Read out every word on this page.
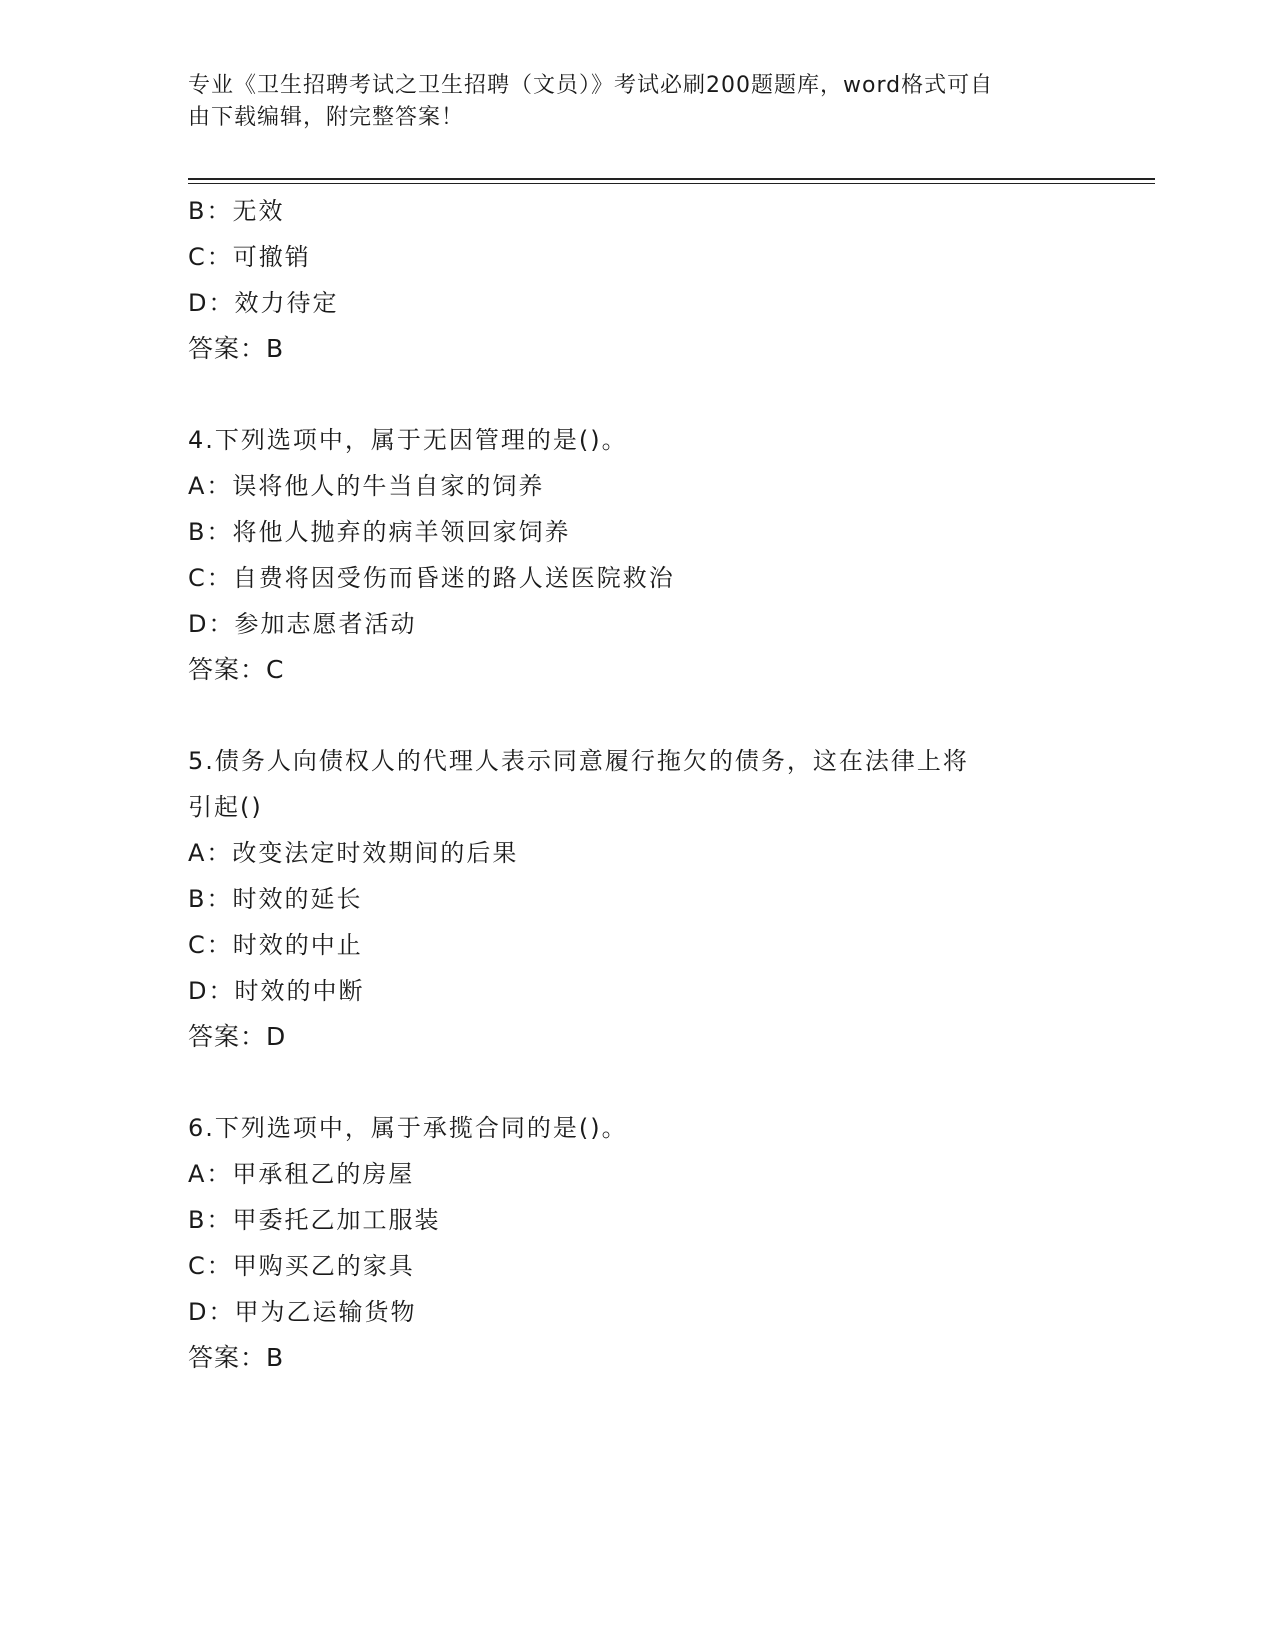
专业《卫生招聘考试之卫生招聘（文员）》考试必刷200题题库，word格式可自

由下载编辑，附完整答案！

B：无效

C：可撤销

D：效力待定

答案：B

4.下列选项中，属于无因管理的是()。

A：误将他人的牛当自家的饲养

B：将他人抛弃的病羊领回家饲养

C：自费将因受伤而昏迷的路人送医院救治

D：参加志愿者活动

答案：C

5.债务人向债权人的代理人表示同意履行拖欠的债务，这在法律上将

引起()

A：改变法定时效期间的后果

B：时效的延长

C：时效的中止

D：时效的中断

答案：D

6.下列选项中，属于承揽合同的是()。

A：甲承租乙的房屋

B：甲委托乙加工服装

C：甲购买乙的家具

D：甲为乙运输货物

答案：B
